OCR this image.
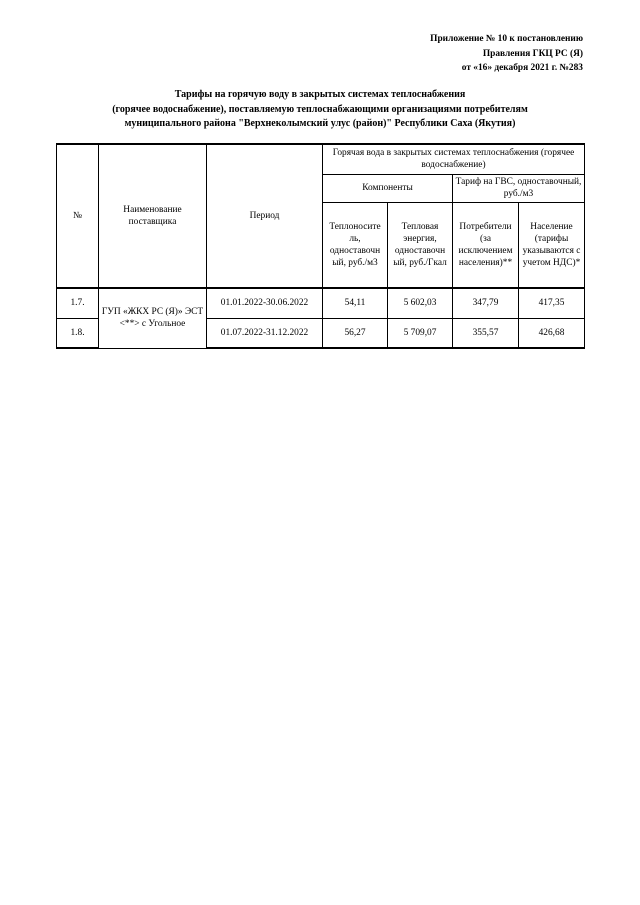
Приложение № 10 к постановлению
Правления ГКЦ РС (Я)
от «16» декабря 2021 г. №283
Тарифы на горячую воду в закрытых системах теплоснабжения
(горячее водоснабжение), поставляемую теплоснабжающими организациями потребителям
муниципального района "Верхнеколымский улус (район)" Республики Саха (Якутия)
№	Наименование поставщика	Период	Горячая вода в закрытых системах теплоснабжения (горячее водоснабжение)			
			Компоненты		Тариф на ГВС, одноставочный, руб./м3	
			Теплоносите ль, одноставочн ый, руб./м3	Тепловая энергия, одноставочн ый, руб./Гкал	Потребители (за исключением населения)**	Население (тарифы указываются с учетом НДС)*
1.7.	ГУП «ЖКХ РС (Я)» ЭСТ <**> с Угольное	01.01.2022-30.06.2022	54,11	5 602,03	347,79	417,35
1.8.		01.07.2022-31.12.2022	56,27	5 709,07	355,57	426,68
